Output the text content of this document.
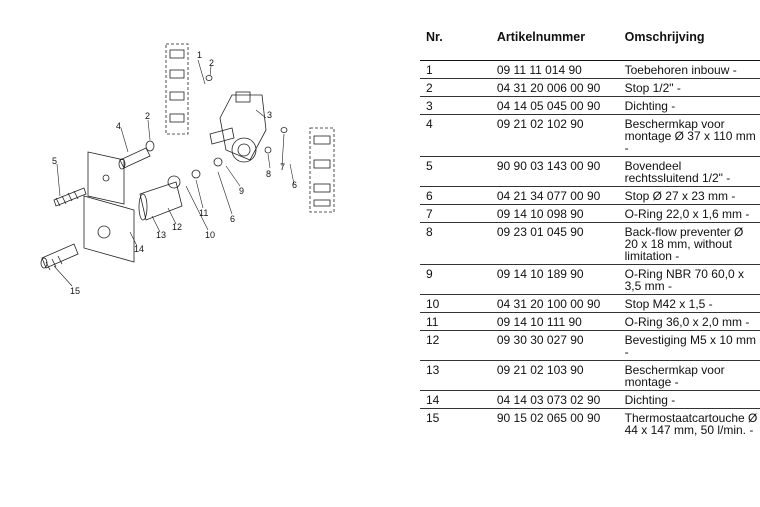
1
2
3
2
4
5
8
7
6
9
6
11
10
12
13
14
15
Nr.	Artikelnummer	Omschrijving
1	09 11 11 014 90	Toebehoren inbouw -
2	04 31 20 006 00 90	Stop 1/2" -
3	04 14 05 045 00 90	Dichting -
4	09 21 02 102 90	Beschermkap voor montage Ø 37 x 110 mm -
5	90 90 03 143 00 90	Bovendeel rechtssluitend 1/2" -
6	04 21 34 077 00 90	Stop Ø 27 x 23 mm -
7	09 14 10 098 90	O-Ring 22,0 x 1,6 mm -
8	09 23 01 045 90	Back-flow preventer Ø 20 x 18 mm, without limitation -
9	09 14 10 189 90	O-Ring NBR 70 60,0 x 3,5 mm -
10	04 31 20 100 00 90	Stop M42 x 1,5 -
11	09 14 10 111 90	O-Ring 36,0 x 2,0 mm -
12	09 30 30 027 90	Bevestiging M5 x 10 mm -
13	09 21 02 103 90	Beschermkap voor montage -
14	04 14 03 073 02 90	Dichting -
15	90 15 02 065 00 90	Thermostaatcartouche Ø 44 x 147 mm, 50 l/min. -
